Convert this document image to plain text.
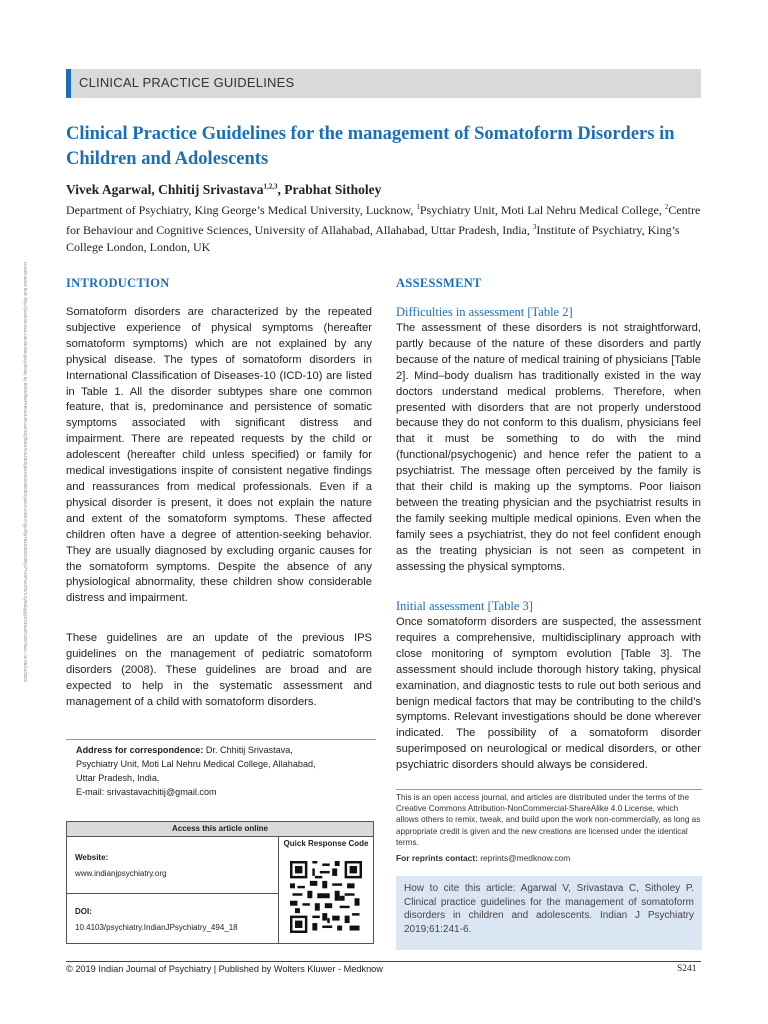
CLINICAL PRACTICE GUIDELINES
Clinical Practice Guidelines for the management of Somatoform Disorders in Children and Adolescents
Vivek Agarwal, Chhitij Srivastava$^{1,2,3}$, Prabhat Sitholey
Department of Psychiatry, King George’s Medical University, Lucknow, $^1$Psychiatry Unit, Moti Lal Nehru Medical College, $^2$Centre for Behaviour and Cognitive Sciences, University of Allahabad, Allahabad, Uttar Pradesh, India, $^3$Institute of Psychiatry, King’s College London, London, UK
Downloaded from http://journals.lww.com/indianjpsychiatry by BhDMf5ePHKav1zEoum1tQfN4a+kJLhEZgbsIHo4XMi0hCywCX1AWnYQp/IlQrHD3i3D0OdRyi7TvSFl4Cf3VC1y0abggQZXdtwnfKZBYtws= on 05/12/2022	INTRODUCTION
Somatoform disorders are characterized by the repeated subjective experience of physical symptoms (hereafter somatoform symptoms) which are not explained by any physical disease. The types of somatoform disorders in International Classification of Diseases-10 (ICD-10) are listed in Table 1. All the disorder subtypes share one common feature, that is, predominance and persistence of somatic symptoms associated with significant distress and impairment. There are repeated requests by the child or adolescent (hereafter child unless specified) or family for medical investigations inspite of consistent negative findings and reassurances from medical professionals. Even if a physical disorder is present, it does not explain the nature and extent of the somatoform symptoms. These affected children often have a degree of attention-seeking behavior. They are usually diagnosed by excluding organic causes for the somatoform symptoms. Despite the absence of any physiological abnormality, these children show considerable distress and impairment.
These guidelines are an update of the previous IPS guidelines on the management of pediatric somatoform disorders (2008). These guidelines are broad and are expected to help in the systematic assessment and management of a child with somatoform disorders.
ASSESSMENT
Difficulties in assessment [Table 2]
The assessment of these disorders is not straightforward, partly because of the nature of these disorders and partly because of the nature of medical training of physicians [Table 2]. Mind–body dualism has traditionally existed in the way doctors understand medical problems. Therefore, when presented with disorders that are not properly understood because they do not conform to this dualism, physicians feel that it must be something to do with the mind (functional/psychogenic) and hence refer the patient to a psychiatrist. The message often perceived by the family is that their child is making up the symptoms. Poor liaison between the treating physician and the psychiatrist results in the family seeking multiple medical opinions. Even when the family sees a psychiatrist, they do not feel confident enough as the treating physician is not seen as competent in assessing the physical symptoms.
Initial assessment [Table 3]
Once somatoform disorders are suspected, the assessment requires a comprehensive, multidisciplinary approach with close monitoring of symptom evolution [Table 3]. The assessment should include thorough history taking, physical examination, and diagnostic tests to rule out both serious and benign medical factors that may be contributing to the child’s symptoms. Relevant investigations should be done wherever indicated. The possibility of a somatoform disorder superimposed on neurological or medical disorders, or other psychiatric disorders should always be considered.
Address for correspondence: Dr. Chhitij Srivastava,
Psychiatry Unit, Moti Lal Nehru Medical College, Allahabad,
Uttar Pradesh, India.
E-mail: srivastavachitij@gmail.com
Access this article online
Website:
www.indianjpsychiatry.org
DOI:
10.4103/psychiatry.IndianJPsychiatry_494_18
Quick Response Code
This is an open access journal, and articles are distributed under the terms of the Creative Commons Attribution-NonCommercial-ShareAlike 4.0 License, which allows others to remix, tweak, and build upon the work non-commercially, as long as appropriate credit is given and the new creations are licensed under the identical terms.
For reprints contact: reprints@medknow.com
How to cite this article: Agarwal V, Srivastava C, Sitholey P. Clinical practice guidelines for the management of somatoform disorders in children and adolescents. Indian J Psychiatry 2019;61:241-6.
© 2019 Indian Journal of Psychiatry | Published by Wolters Kluwer - Medknow	S241
